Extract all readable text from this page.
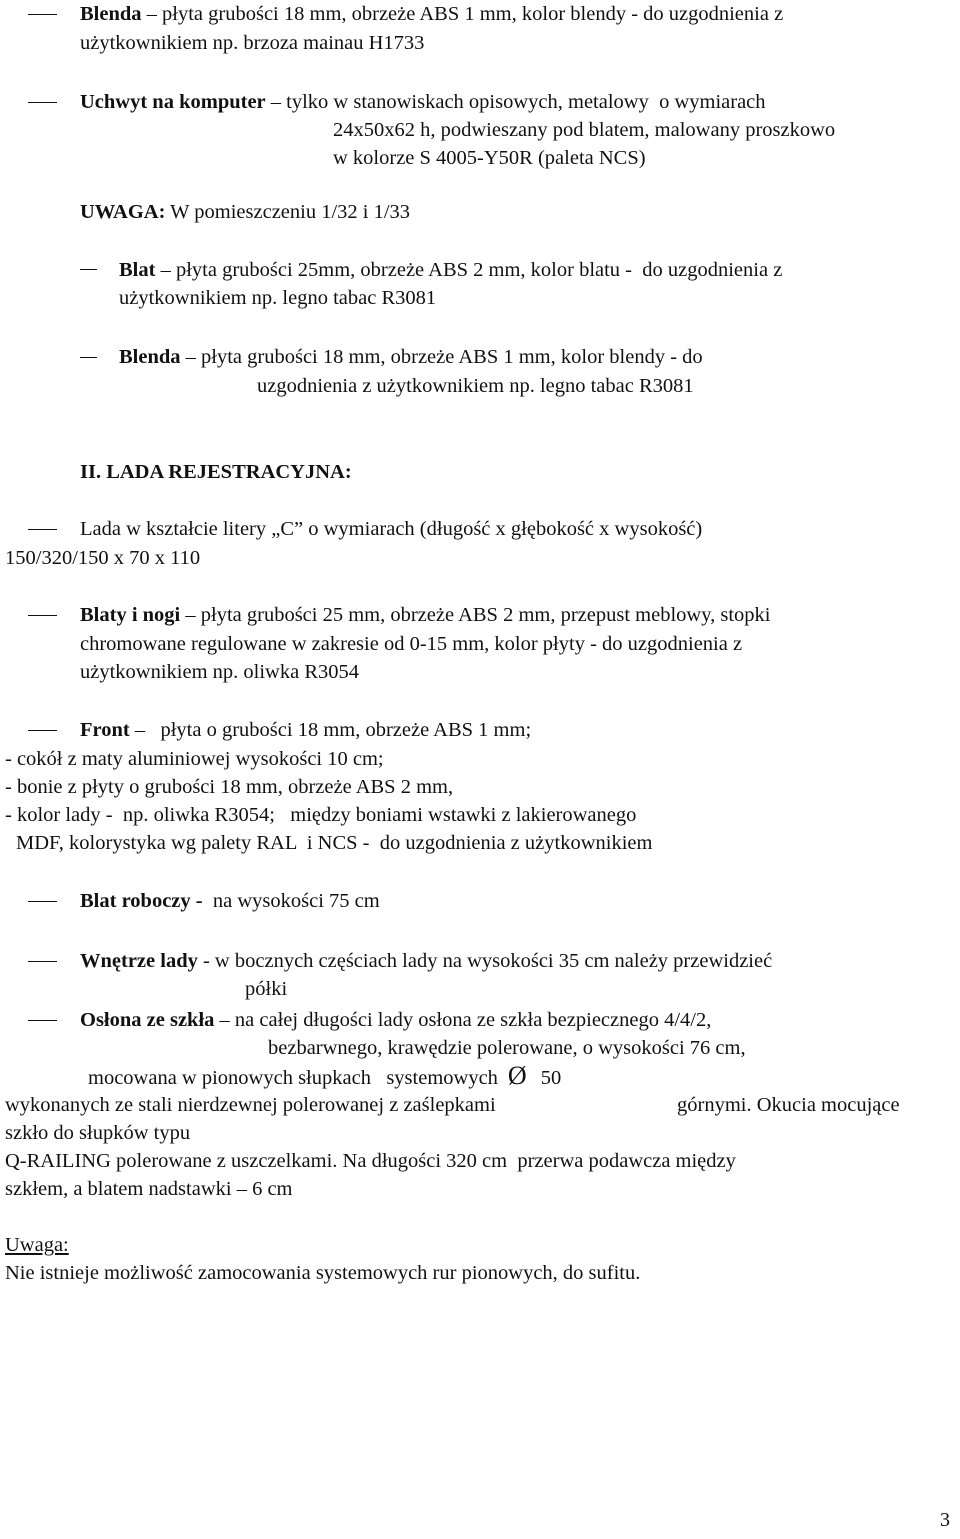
Blenda – płyta grubości 18 mm, obrzeże ABS 1 mm, kolor blendy - do uzgodnienia z
użytkownikiem np. brzoza mainau H1733
Uchwyt na komputer – tylko w stanowiskach opisowych, metalowy  o wymiarach
24x50x62 h, podwieszany pod blatem, malowany proszkowo
w kolorze S 4005-Y50R (paleta NCS)
UWAGA: W pomieszczeniu 1/32 i 1/33
Blat – płyta grubości 25mm, obrzeże ABS 2 mm, kolor blatu -  do uzgodnienia z
użytkownikiem np. legno tabac R3081
Blenda – płyta grubości 18 mm, obrzeże ABS 1 mm, kolor blendy - do
uzgodnienia z użytkownikiem np. legno tabac R3081
II. LADA REJESTRACYJNA:
Lada w kształcie litery „C” o wymiarach (długość x głębokość x wysokość)
150/320/150 x 70 x 110
Blaty i nogi – płyta grubości 25 mm, obrzeże ABS 2 mm, przepust meblowy, stopki
chromowane regulowane w zakresie od 0-15 mm, kolor płyty - do uzgodnienia z
użytkownikiem np. oliwka R3054
Front –   płyta o grubości 18 mm, obrzeże ABS 1 mm;
- cokół z maty aluminiowej wysokości 10 cm;
- bonie z płyty o grubości 18 mm, obrzeże ABS 2 mm,
- kolor lady -  np. oliwka R3054;   między boniami wstawki z lakierowanego
MDF, kolorystyka wg palety RAL  i NCS -  do uzgodnienia z użytkownikiem
Blat roboczy -  na wysokości 75 cm
Wnętrze lady - w bocznych częściach lady na wysokości 35 cm należy przewidzieć
półki
Osłona ze szkła – na całej długości lady osłona ze szkła bezpiecznego 4/4/2,
bezbarwnego, krawędzie polerowane, o wysokości 76 cm,
mocowana w pionowych słupkach   systemowych Ø 50
wykonanych ze stali nierdzewnej polerowanej z zaślepkami	górnymi. Okucia mocujące
szkło do słupków typu
Q-RAILING polerowane z uszczelkami. Na długości 320 cm  przerwa podawcza między
szkłem, a blatem nadstawki – 6 cm
Uwaga:
Nie istnieje możliwość zamocowania systemowych rur pionowych, do sufitu.
3
